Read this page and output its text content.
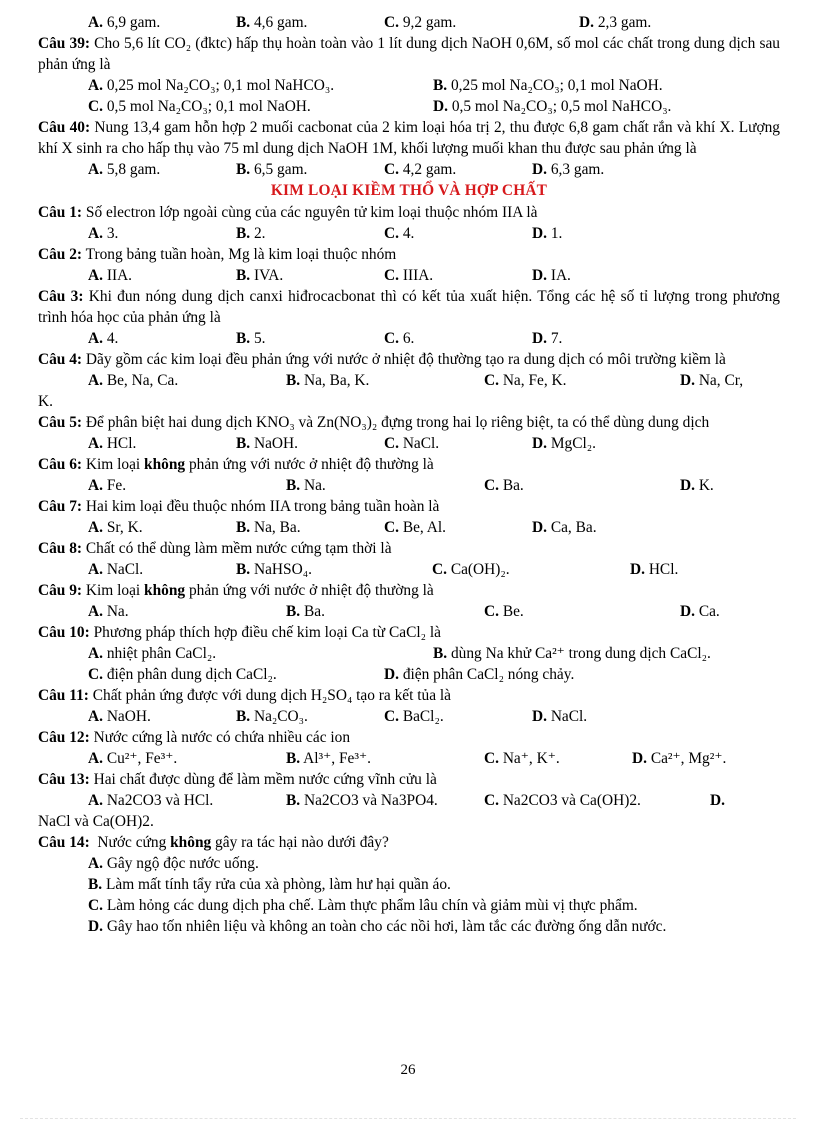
A. 6,9 gam.	B. 4,6 gam.	C. 9,2 gam.	D. 2,3 gam.
Câu 39: Cho 5,6 lít CO₂ (đktc) hấp thụ hoàn toàn vào 1 lít dung dịch NaOH 0,6M, số mol các chất trong dung dịch sau phản ứng là
A. 0,25 mol Na₂CO₃; 0,1 mol NaHCO₃.	B. 0,25 mol Na₂CO₃; 0,1 mol NaOH.
C. 0,5 mol Na₂CO₃; 0,1 mol NaOH.	D. 0,5 mol Na₂CO₃; 0,5 mol NaHCO₃.
Câu 40: Nung 13,4 gam hỗn hợp 2 muối cacbonat của 2 kim loại hóa trị 2, thu được 6,8 gam chất rắn và khí X. Lượng khí X sinh ra cho hấp thụ vào 75 ml dung dịch NaOH 1M, khối lượng muối khan thu được sau phản ứng là
A. 5,8 gam.	B. 6,5 gam.	C. 4,2 gam.	D. 6,3 gam.
KIM LOẠI KIỀM THỔ VÀ HỢP CHẤT
Câu 1: Số electron lớp ngoài cùng của các nguyên tử kim loại thuộc nhóm IIA là
A. 3.	B. 2.	C. 4.	D. 1.
Câu 2: Trong bảng tuần hoàn, Mg là kim loại thuộc nhóm
A. IIA.	B. IVA.	C. IIIA.	D. IA.
Câu 3: Khi đun nóng dung dịch canxi hiđrocacbonat thì có kết tủa xuất hiện. Tổng các hệ số tỉ lượng trong phương trình hóa học của phản ứng là
A. 4.	B. 5.	C. 6.	D. 7.
Câu 4: Dãy gồm các kim loại đều phản ứng với nước ở nhiệt độ thường tạo ra dung dịch có môi trường kiềm là
A. Be, Na, Ca.	B. Na, Ba, K.	C. Na, Fe, K.	D. Na, Cr,
K.
Câu 5: Để phân biệt hai dung dịch KNO₃ và Zn(NO₃)₂ đựng trong hai lọ riêng biệt, ta có thể dùng dung dịch
A. HCl.	B. NaOH.	C. NaCl.	D. MgCl₂.
Câu 6: Kim loại không phản ứng với nước ở nhiệt độ thường là
A. Fe.	B. Na.	C. Ba.	D. K.
Câu 7: Hai kim loại đều thuộc nhóm IIA trong bảng tuần hoàn là
A. Sr, K.	B. Na, Ba.	C. Be, Al.	D. Ca, Ba.
Câu 8: Chất có thể dùng làm mềm nước cứng tạm thời là
A. NaCl.	B. NaHSO₄.	C. Ca(OH)₂.	D. HCl.
Câu 9: Kim loại không phản ứng với nước ở nhiệt độ thường là
A. Na.	B. Ba.	C. Be.	D. Ca.
Câu 10: Phương pháp thích hợp điều chế kim loại Ca từ CaCl₂ là
A. nhiệt phân CaCl₂.	B. dùng Na khử Ca²⁺ trong dung dịch CaCl₂.
C. điện phân dung dịch CaCl₂.	D. điện phân CaCl₂ nóng chảy.
Câu 11: Chất phản ứng được với dung dịch H₂SO₄ tạo ra kết tủa là
A. NaOH.	B. Na₂CO₃.	C. BaCl₂.	D. NaCl.
Câu 12: Nước cứng là nước có chứa nhiều các ion
A. Cu²⁺, Fe³⁺.	B. Al³⁺, Fe³⁺.	C. Na⁺, K⁺.	D. Ca²⁺, Mg²⁺.
Câu 13: Hai chất được dùng để làm mềm nước cứng vĩnh cửu là
A. Na2CO3 và HCl.	B. Na2CO3 và Na3PO4.	C. Na2CO3 và Ca(OH)2.	D.
NaCl và Ca(OH)2.
Câu 14:  Nước cứng không gây ra tác hại nào dưới đây?
A. Gây ngộ độc nước uống.
B. Làm mất tính tẩy rửa của xà phòng, làm hư hại quần áo.
C. Làm hỏng các dung dịch pha chế. Làm thực phẩm lâu chín và giảm mùi vị thực phẩm.
D. Gây hao tốn nhiên liệu và không an toàn cho các nồi hơi, làm tắc các đường ống dẫn nước.
26
